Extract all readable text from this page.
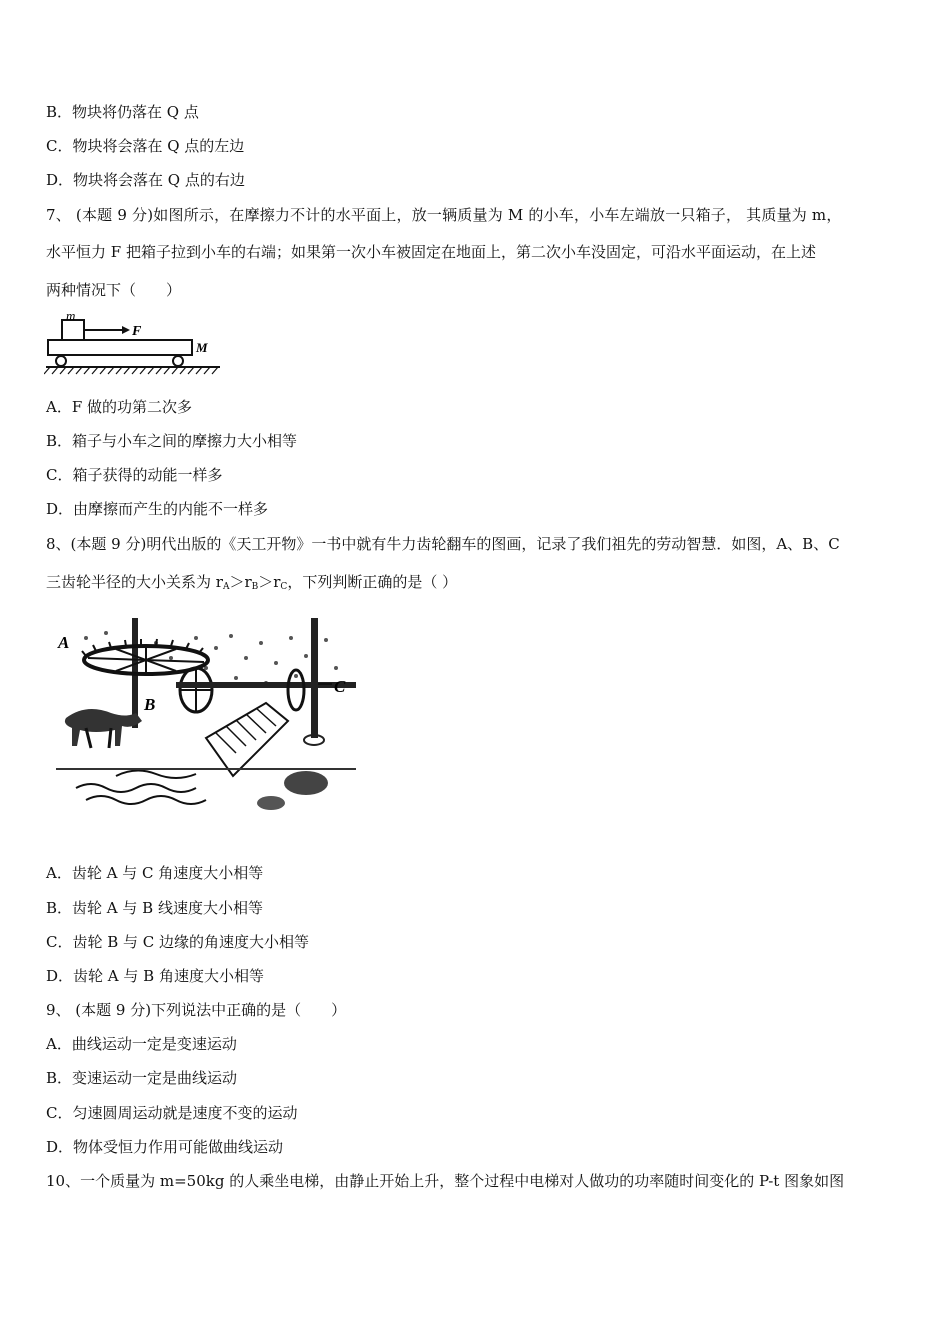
B．物块将仍落在 Q 点
C．物块将会落在 Q 点的左边
D．物块将会落在 Q 点的右边
7、 (本题 9 分)如图所示，在摩擦力不计的水平面上，放一辆质量为 M 的小车，小车左端放一只箱子， 其质量为 m，
水平恒力 F 把箱子拉到小车的右端；如果第一次小车被固定在地面上，第二次小车没固定，可沿水平面运动，在上述
两种情况下（　　）
m
F
M
A．F 做的功第二次多
B．箱子与小车之间的摩擦力大小相等
C．箱子获得的动能一样多
D．由摩擦而产生的内能不一样多
8、(本题 9 分)明代出版的《天工开物》一书中就有牛力齿轮翻车的图画，记录了我们祖先的劳动智慧．如图，A、B、C
三齿轮半径的大小关系为 $r_A>r_B>r_C$，下列判断正确的是（ ）
A
B
C
A．齿轮 A 与 C 角速度大小相等
B．齿轮 A 与 B 线速度大小相等
C．齿轮 B 与 C 边缘的角速度大小相等
D．齿轮 A 与 B 角速度大小相等
9、 (本题 9 分)下列说法中正确的是（　　）
A．曲线运动一定是变速运动
B．变速运动一定是曲线运动
C．匀速圆周运动就是速度不变的运动
D．物体受恒力作用可能做曲线运动
10、一个质量为 m=50kg 的人乘坐电梯，由静止开始上升，整个过程中电梯对人做功的功率随时间变化的 P-t 图象如图
